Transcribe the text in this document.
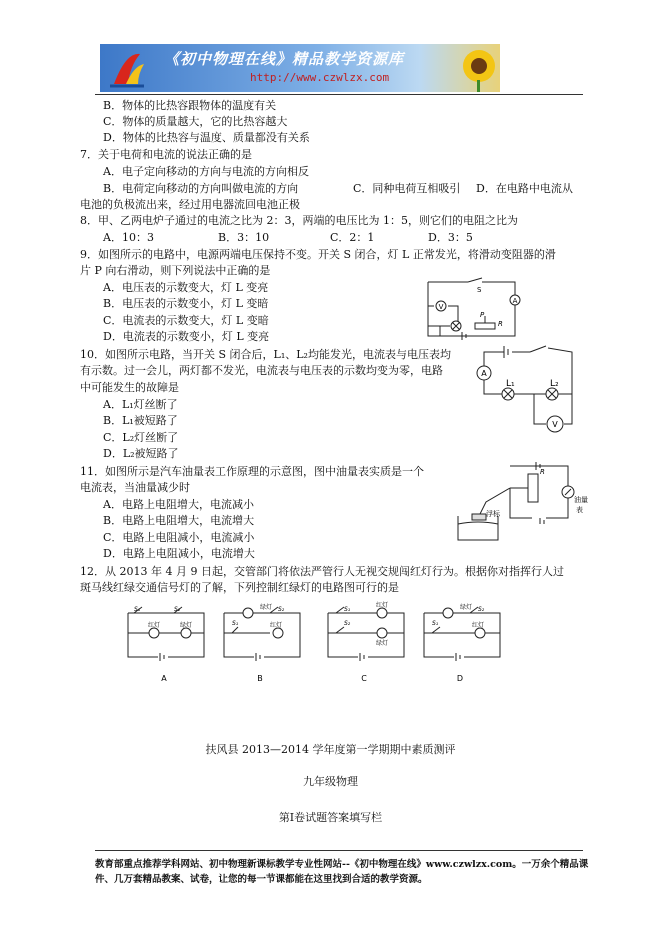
《初中物理在线》精品教学资源库
http://www.czwlzx.com
B．物体的比热容跟物体的温度有关
C．物体的质量越大，它的比热容越大
D．物体的比热容与温度、质量都没有关系
7．关于电荷和电流的说法正确的是
A．电子定向移动的方向与电流的方向相反
B．电荷定向移动的方向叫做电流的方向	C．同种电荷互相吸引 D．在电路中电流从
电池的负极流出来，经过用电器流回电池正极
8．甲、乙两电炉子通过的电流之比为 2：3，两端的电压比为 1：5，则它们的电阻之比为
A．10：3	B．3：10	C．2：1	D．3：5
9．如图所示的电路中，电源两端电压保持不变。开关 S 闭合，灯 L 正常发光，将滑动变阻器的滑
片 P 向右滑动，则下列说法中正确的是
A．电压表的示数变大，灯 L 变亮
B．电压表的示数变小，灯 L 变暗
C．电流表的示数变大，灯 L 变暗
D．电流表的示数变小，灯 L 变亮
A
V
P
R
S
10．如图所示电路，当开关 S 闭合后，L₁、L₂均能发光，电流表与电压表均
有示数。过一会儿，两灯都不发光，电流表与电压表的示数均变为零，电路
中可能发生的故障是
A．L₁灯丝断了
B．L₁被短路了
C．L₂灯丝断了
D．L₂被短路了
A
L₁	L₂
V
11．如图所示是汽车油量表工作原理的示意图，图中油量表实质是一个
电流表，当油量减少时
A．电路上电阻增大，电流减小
B．电路上电阻增大，电流增大
C．电路上电阻减小，电流减小
D．电路上电阻减小，电流增大
R
油量
表
浮标
12．从 2013 年 4 月 9 日起，交管部门将依法严管行人无视交规闯红灯行为。根据你对指挥行人过
斑马线红绿交通信号灯的了解，下列控制红绿灯的电路图可行的是
红灯	绿灯
S₁	S₂
红灯
绿灯
S₁
S₂
红灯
绿灯
S₁
S₂	红灯
绿灯
S₁
S₂
A	B	C	D
扶风县 2013—2014 学年度第一学期期中素质测评
九年级物理
第Ⅰ卷试题答案填写栏
教育部重点推荐学科网站、初中物理新课标教学专业性网站--《初中物理在线》www.czwlzx.com。一万余个精品课
件、几万套精品教案、试卷，让您的每一节课都能在这里找到合适的教学资源。
